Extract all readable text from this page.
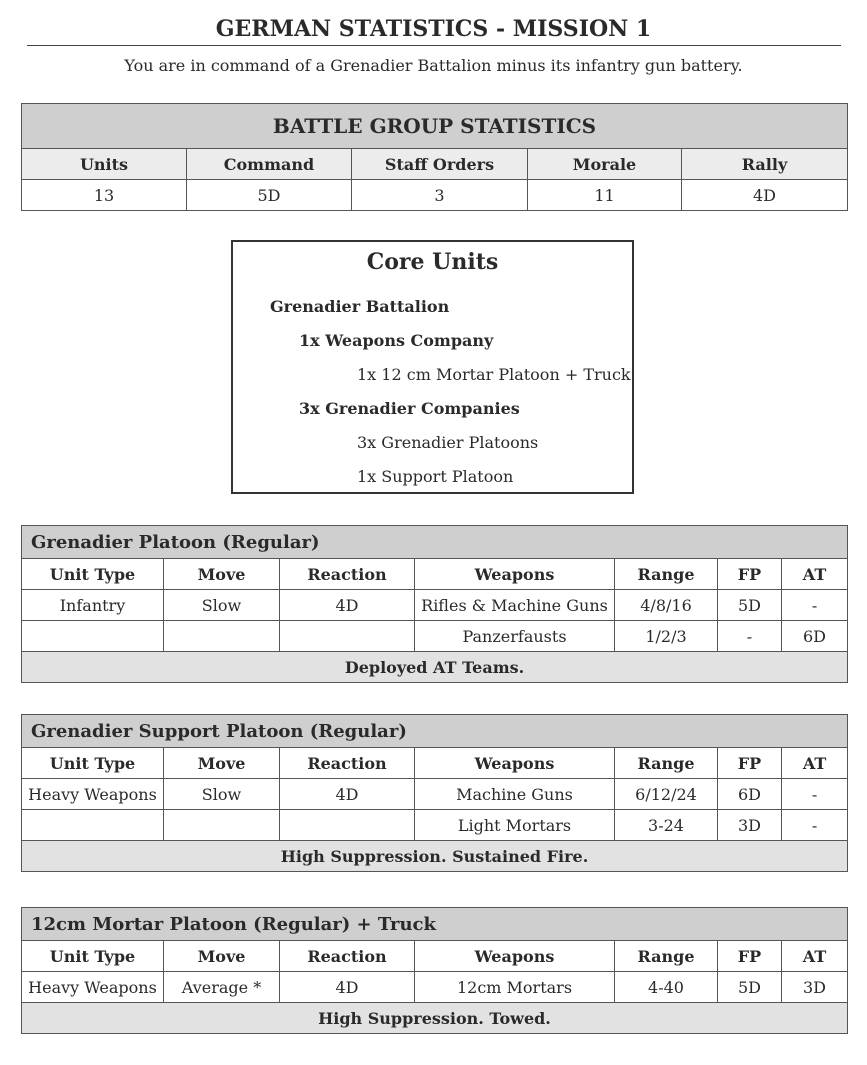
GERMAN STATISTICS - MISSION 1
You are in command of a Grenadier Battalion minus its infantry gun battery.
BATTLE GROUP STATISTICS				
Units	Command	Staff Orders	Morale	Rally
13	5D	3	11	4D
Core Units
Grenadier Battalion
1x Weapons Company
1x 12 cm Mortar Platoon + Truck
3x Grenadier Companies
3x Grenadier Platoons
1x Support Platoon
Grenadier Platoon (Regular)						
Unit Type	Move	Reaction	Weapons	Range	FP	AT
Infantry	Slow	4D	Rifles & Machine Guns	4/8/16	5D	-
			Panzerfausts	1/2/3	-	6D
Deployed AT Teams.						
Grenadier Support Platoon (Regular)						
Unit Type	Move	Reaction	Weapons	Range	FP	AT
Heavy Weapons	Slow	4D	Machine Guns	6/12/24	6D	-
			Light Mortars	3-24	3D	-
High Suppression. Sustained Fire.						
12cm Mortar Platoon (Regular) + Truck						
Unit Type	Move	Reaction	Weapons	Range	FP	AT
Heavy Weapons	Average *	4D	12cm Mortars	4-40	5D	3D
High Suppression. Towed.						
